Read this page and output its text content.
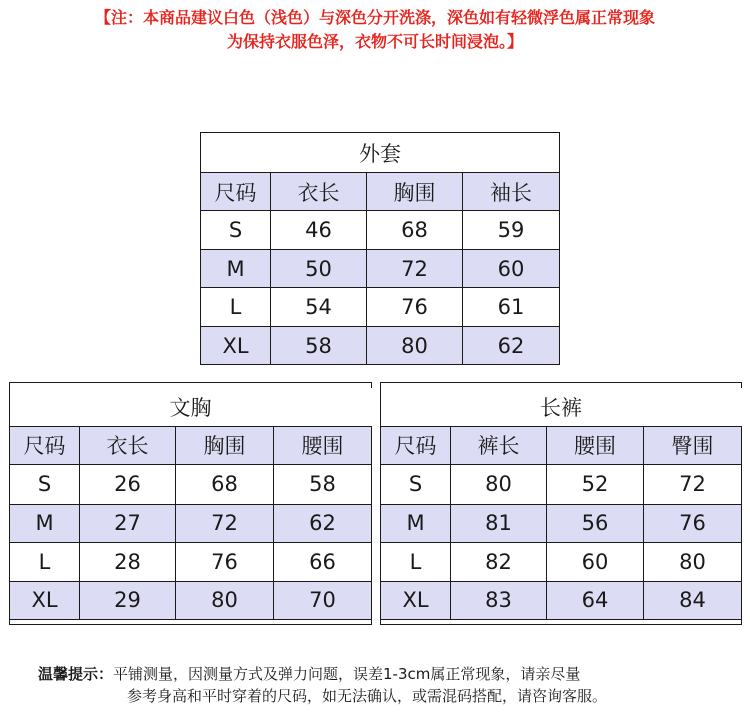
【注：本商品建议白色（浅色）与深色分开洗涤，深色如有轻微浮色属正常现象
为保持衣服色泽，衣物不可长时间浸泡。】
外套			
尺码	衣长	胸围	袖长
S	46	68	59
M	50	72	60
L	54	76	61
XL	58	80	62
文胸			
尺码	衣长	胸围	腰围
S	26	68	58
M	27	72	62
L	28	76	66
XL	29	80	70
长裤			
尺码	裤长	腰围	臀围
S	80	52	72
M	81	56	76
L	82	60	80
XL	83	64	84
温馨提示：平铺测量，因测量方式及弹力问题，误差1-3cm属正常现象，请亲尽量
参考身高和平时穿着的尺码，如无法确认，或需混码搭配，请咨询客服。
